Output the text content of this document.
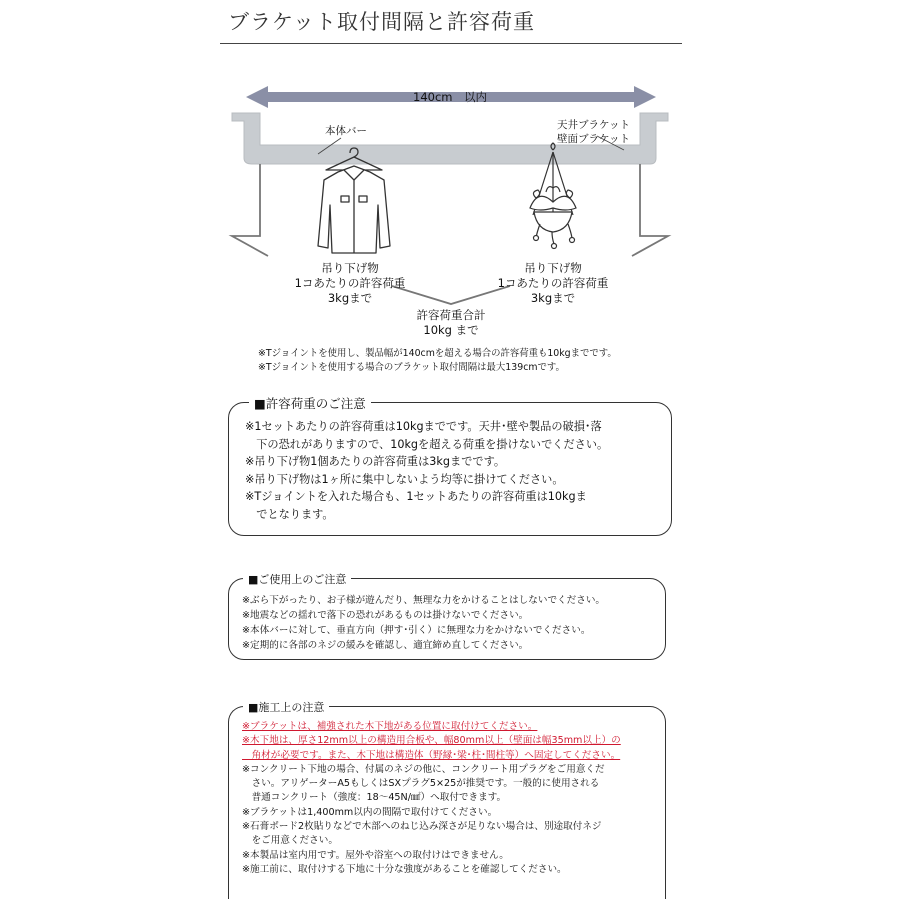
ブラケット取付間隔と許容荷重
140cm　以内
本体バー	天井ブラケット
壁面ブラケット
吊り下げ物
1コあたりの許容荷重
3kgまで
吊り下げ物
1コあたりの許容荷重
3kgまで
許容荷重合計
10kg まで
※Tジョイントを使用し、製品幅が140cmを超える場合の許容荷重も10kgまでです。
※Tジョイントを使用する場合のブラケット取付間隔は最大139cmです。
■許容荷重のご注意
※1セットあたりの許容荷重は10kgまでです。天井･壁や製品の破損･落
　下の恐れがありますので、10kgを超える荷重を掛けないでください。
※吊り下げ物1個あたりの許容荷重は3kgまでです。
※吊り下げ物は1ヶ所に集中しないよう均等に掛けてください。
※Tジョイントを入れた場合も、1セットあたりの許容荷重は10kgま
　でとなります。
■ご使用上のご注意
※ぶら下がったり、お子様が遊んだり、無理な力をかけることはしないでください。
※地震などの揺れで落下の恐れがあるものは掛けないでください。
※本体バーに対して、垂直方向（押す･引く）に無理な力をかけないでください。
※定期的に各部のネジの緩みを確認し、適宜締め直してください。
■施工上の注意
※ブラケットは、補強された木下地がある位置に取付けてください。
※木下地は、厚さ12mm以上の構造用合板や、幅80mm以上（壁面は幅35mm以上）の
　角材が必要です。また、木下地は構造体（野縁･梁･柱･間柱等）へ固定してください。
※コンクリート下地の場合、付属のネジの他に、コンクリート用プラグをご用意くだ
　さい。アリゲーターA5もしくはSXプラグ5×25が推奨です。一般的に使用される
　普通コンクリート（強度：18～45N/㎟）へ取付できます。
※ブラケットは1,400mm以内の間隔で取付けてください。
※石膏ボード2枚貼りなどで木部へのねじ込み深さが足りない場合は、別途取付ネジ
　をご用意ください。
※本製品は室内用です。屋外や浴室への取付けはできません。
※施工前に、取付けする下地に十分な強度があることを確認してください。
